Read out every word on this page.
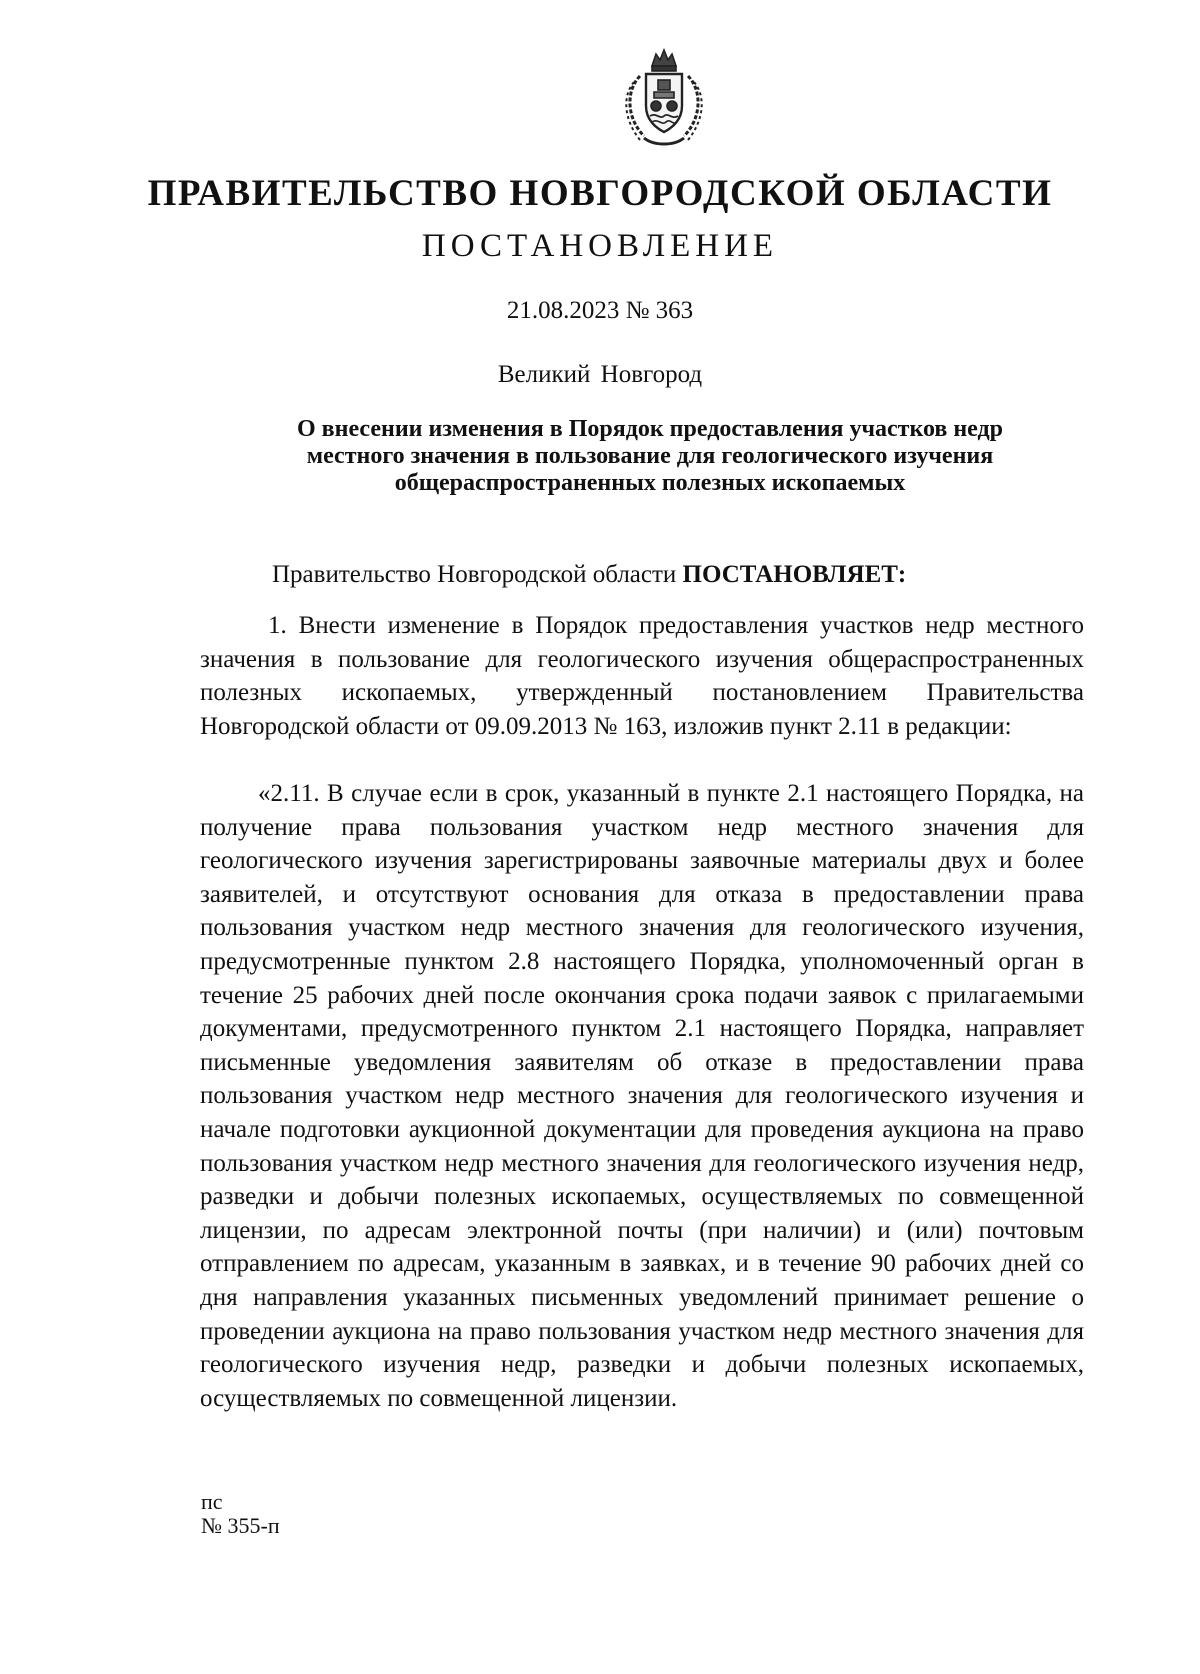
ПРАВИТЕЛЬСТВО НОВГОРОДСКОЙ ОБЛАСТИ
ПОСТАНОВЛЕНИЕ
21.08.2023 № 363
Великий Новгород
О внесении изменения в Порядок предоставления участков недр
местного значения в пользование для геологического изучения
общераспространенных полезных ископаемых
Правительство Новгородской области ПОСТАНОВЛЯЕТ:
1. Внести изменение в Порядок предоставления участков недр местного значения в пользование для геологического изучения общераспространенных полезных ископаемых, утвержденный постановлением Правительства Новгородской области от 09.09.2013 № 163, изложив пункт 2.11 в редакции:
«2.11. В случае если в срок, указанный в пункте 2.1 настоящего Порядка, на получение права пользования участком недр местного значения для геологического изучения зарегистрированы заявочные материалы двух и более заявителей, и отсутствуют основания для отказа в предоставлении права пользования участком недр местного значения для геологического изучения, предусмотренные пунктом 2.8 настоящего Порядка, уполномоченный орган в течение 25 рабочих дней после окончания срока подачи заявок с прилагаемыми документами, предусмотренного пунктом 2.1 настоящего Порядка, направляет письменные уведомления заявителям об отказе в предоставлении права пользования участком недр местного значения для геологического изучения и начале подготовки аукционной документации для проведения аукциона на право пользования участком недр местного значения для геологического изучения недр, разведки и добычи полезных ископаемых, осуществляемых по совмещенной лицензии, по адресам электронной почты (при наличии) и (или) почтовым отправлением по адресам, указанным в заявках, и в течение 90 рабочих дней со дня направления указанных письменных уведомлений принимает решение о проведении аукциона на право пользования участком недр местного значения для геологического изучения недр, разведки и добычи полезных ископаемых, осуществляемых по совмещенной лицензии.
пс
№ 355-п
